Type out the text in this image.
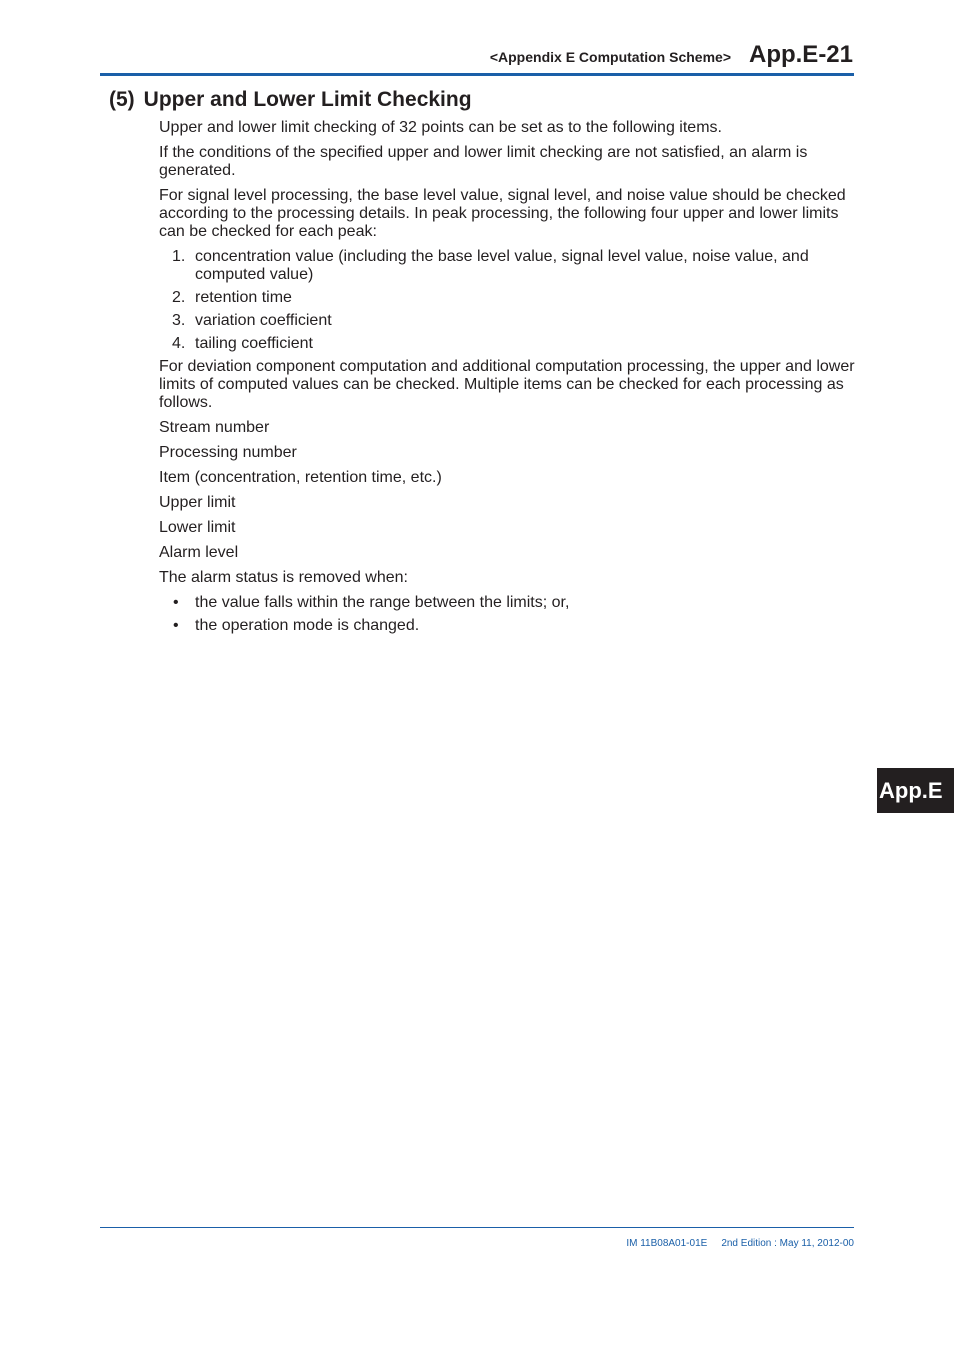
<Appendix E Computation Scheme> App.E-21
(5) Upper and Lower Limit Checking

Upper and lower limit checking of 32 points can be set as to the following items.

If the conditions of the specified upper and lower limit checking are not satisfied, an alarm is generated.

For signal level processing, the base level value, signal level, and noise value should be checked according to the processing details. In peak processing, the following four upper and lower limits can be checked for each peak:

1. concentration value (including the base level value, signal level value, noise value, and computed value)
2. retention time
3. variation coefficient
4. tailing coefficient

For deviation component computation and additional computation processing, the upper and lower limits of computed values can be checked. Multiple items can be checked for each processing as follows.

Stream number

Processing number

Item (concentration, retention time, etc.)

Upper limit

Lower limit

Alarm level

The alarm status is removed when:

• the value falls within the range between the limits; or,
• the operation mode is changed.
App.E
IM 11B08A01-01E 2nd Edition : May 11, 2012-00
